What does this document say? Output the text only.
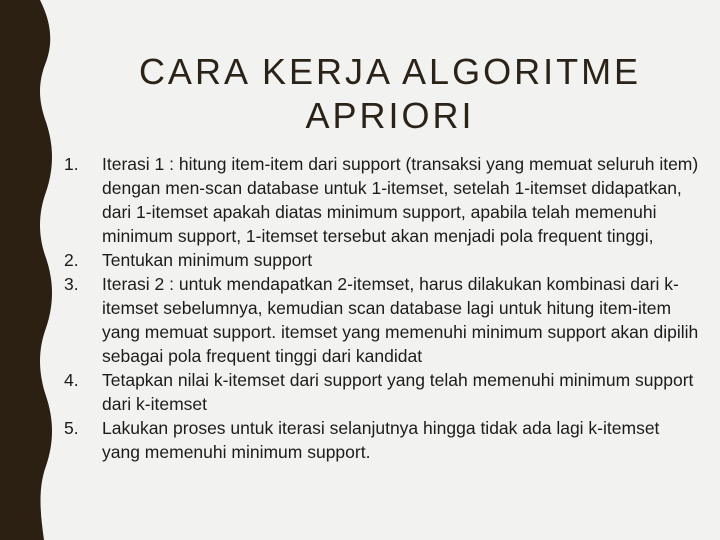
CARA KERJA ALGORITME
APRIORI
1.	Iterasi 1 : hitung item-item dari support (transaksi yang memuat seluruh item) dengan men-scan database untuk 1-itemset, setelah 1-itemset didapatkan, dari 1-itemset apakah diatas minimum support, apabila telah memenuhi minimum support, 1-itemset tersebut akan menjadi pola frequent tinggi,
2.	Tentukan minimum support
3.	Iterasi 2 : untuk mendapatkan 2-itemset, harus dilakukan kombinasi dari k-itemset sebelumnya, kemudian scan database lagi untuk hitung item-item yang memuat support. itemset yang memenuhi minimum support akan dipilih sebagai pola frequent tinggi dari kandidat
4.	Tetapkan nilai k-itemset dari support yang telah memenuhi minimum support dari k-itemset
5.	Lakukan proses untuk iterasi selanjutnya hingga tidak ada lagi k-itemset yang memenuhi minimum support.
